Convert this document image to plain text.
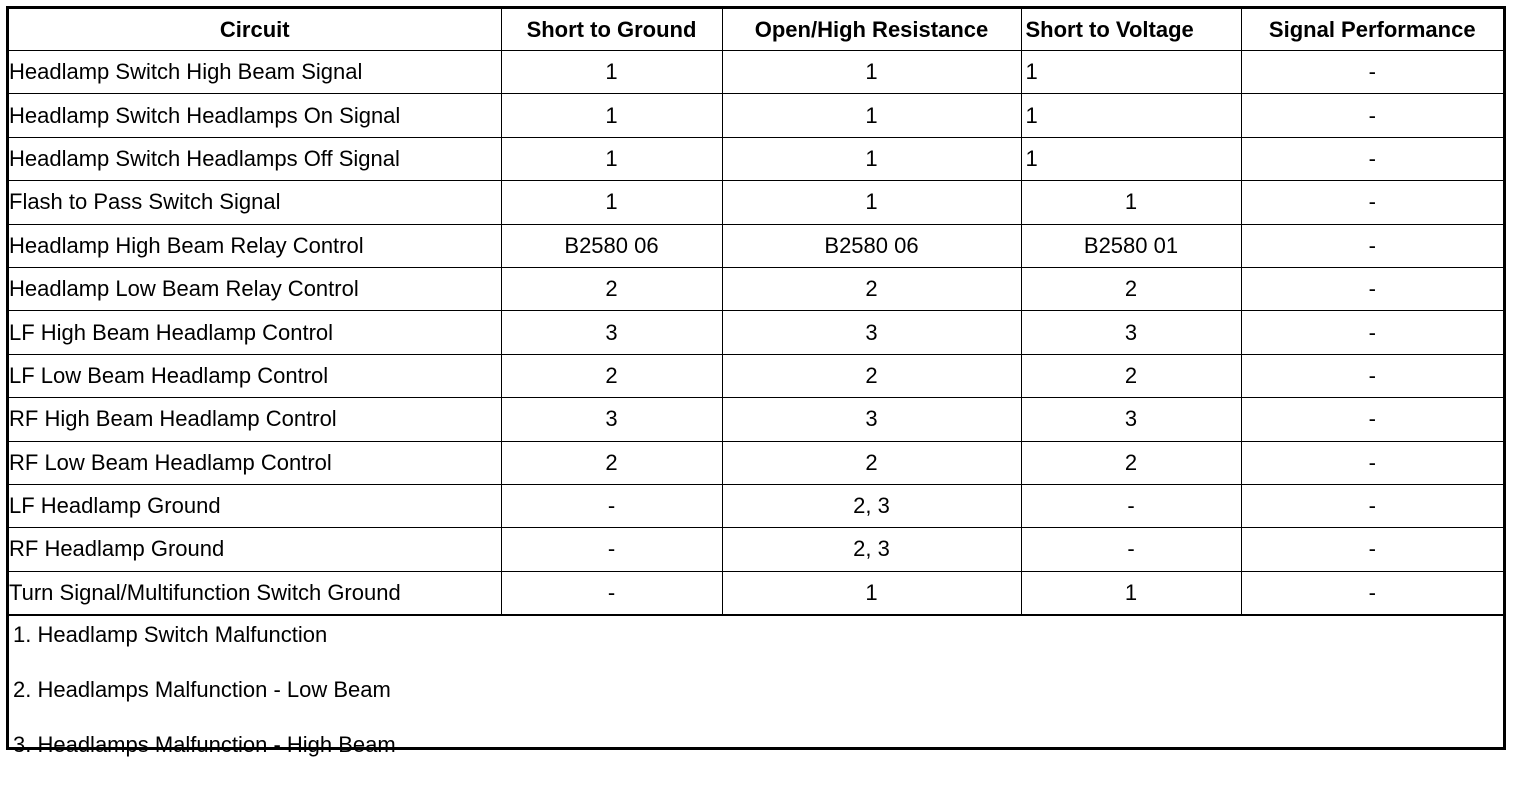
Circuit	Short to Ground	Open/High Resistance	Short to Voltage	Signal Performance
Headlamp Switch High Beam Signal	1	1	1	-
Headlamp Switch Headlamps On Signal	1	1	1	-
Headlamp Switch Headlamps Off Signal	1	1	1	-
Flash to Pass Switch Signal	1	1	1	-
Headlamp High Beam Relay Control	B2580 06	B2580 06	B2580 01	-
Headlamp Low Beam Relay Control	2	2	2	-
LF High Beam Headlamp Control	3	3	3	-
LF Low Beam Headlamp Control	2	2	2	-
RF High Beam Headlamp Control	3	3	3	-
RF Low Beam Headlamp Control	2	2	2	-
LF Headlamp Ground	-	2, 3	-	-
RF Headlamp Ground	-	2, 3	-	-
Turn Signal/Multifunction Switch Ground	-	1	1	-
1. Headlamp Switch Malfunction
2. Headlamps Malfunction - Low Beam
3. Headlamps Malfunction - High Beam
